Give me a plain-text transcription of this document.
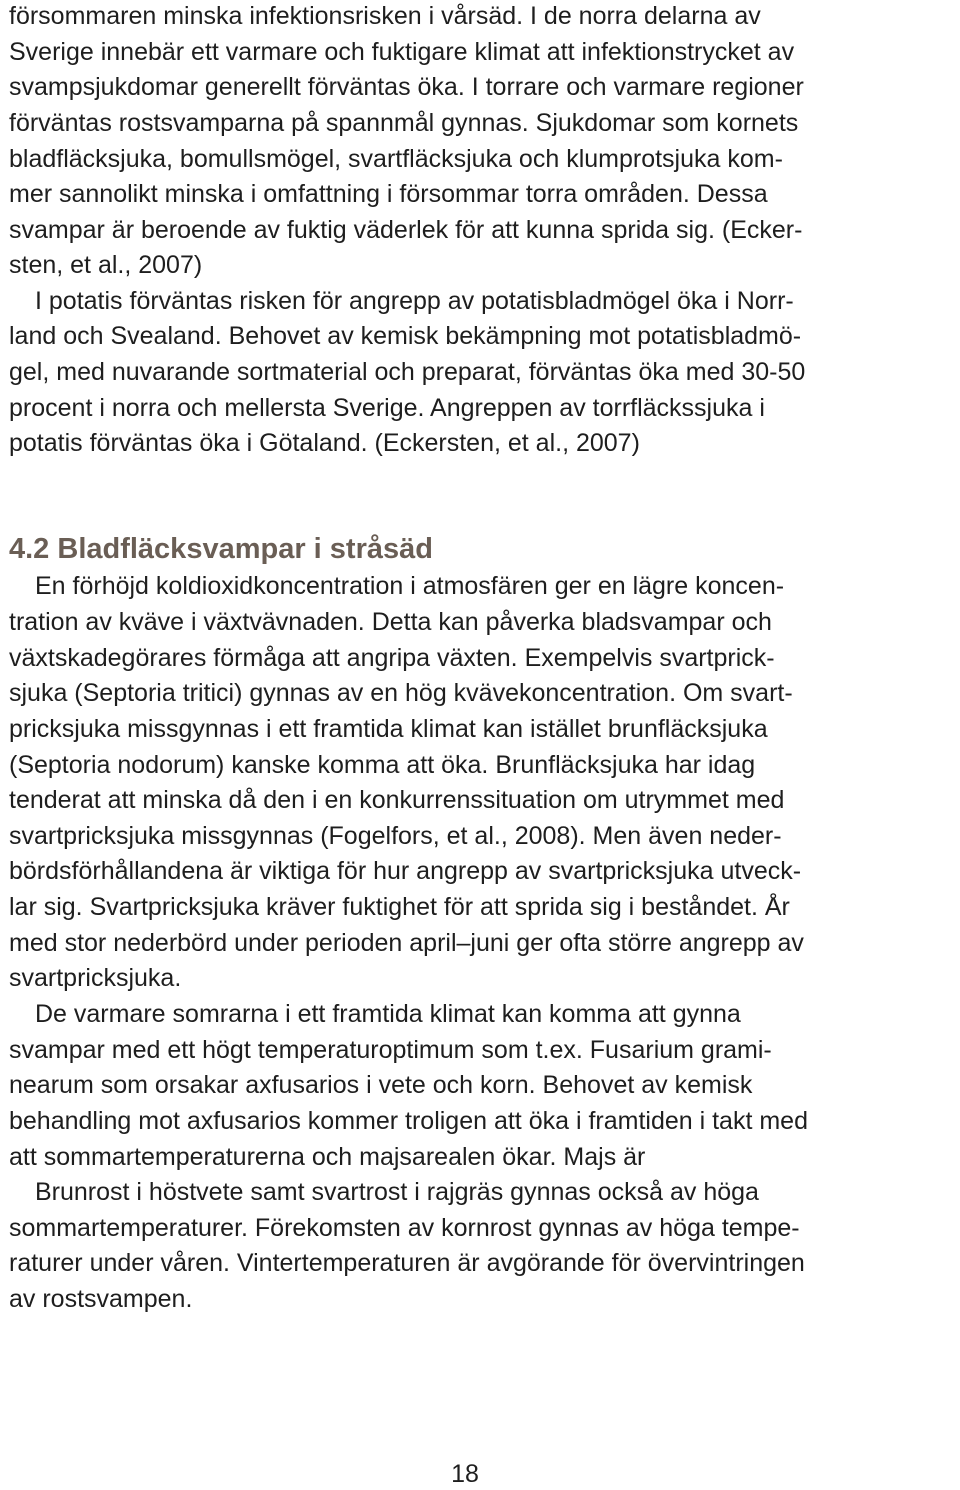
försommaren minska infektionsrisken i vårsäd. I de norra delarna av
Sverige innebär ett varmare och fuktigare klimat att infektionstrycket av
svampsjukdomar generellt förväntas öka. I torrare och varmare regioner
förväntas rostsvamparna på spannmål gynnas. Sjukdomar som kornets
bladfläcksjuka, bomullsmögel, svartfläcksjuka och klumprotsjuka kom-
mer sannolikt minska i omfattning i försommar torra områden. Dessa
svampar är beroende av fuktig väderlek för att kunna sprida sig. (Ecker-
sten, et al., 2007)
I potatis förväntas risken för angrepp av potatisbladmögel öka i Norr-
land och Svealand. Behovet av kemisk bekämpning mot potatisbladmö-
gel, med nuvarande sortmaterial och preparat, förväntas öka med 30-50
procent i norra och mellersta Sverige. Angreppen av torrfläckssjuka i
potatis förväntas öka i Götaland. (Eckersten, et al., 2007)
4.2 Bladfläcksvampar i stråsäd
En förhöjd koldioxidkoncentration i atmosfären ger en lägre koncen-
tration av kväve i växtvävnaden. Detta kan påverka bladsvampar och
växtskadegörares förmåga att angripa växten. Exempelvis svartprick-
sjuka (Septoria tritici) gynnas av en hög kvävekoncentration. Om svart-
pricksjuka missgynnas i ett framtida klimat kan istället brunfläcksjuka
(Septoria nodorum) kanske komma att öka. Brunfläcksjuka har idag
tenderat att minska då den i en konkurrenssituation om utrymmet med
svartpricksjuka missgynnas (Fogelfors, et al., 2008). Men även neder-
bördsförhållandena är viktiga för hur angrepp av svartpricksjuka utveck-
lar sig. Svartpricksjuka kräver fuktighet för att sprida sig i beståndet. År
med stor nederbörd under perioden april–juni ger ofta större angrepp av
svartpricksjuka.
De varmare somrarna i ett framtida klimat kan komma att gynna
svampar med ett högt temperaturoptimum som t.ex. Fusarium grami-
nearum som orsakar axfusarios i vete och korn. Behovet av kemisk
behandling mot axfusarios kommer troligen att öka i framtiden i takt med
att sommartemperaturerna och majsarealen ökar. Majs är
Brunrost i höstvete samt svartrost i rajgräs gynnas också av höga
sommartemperaturer. Förekomsten av kornrost gynnas av höga tempe-
raturer under våren. Vintertemperaturen är avgörande för övervintringen
av rostsvampen.
18
